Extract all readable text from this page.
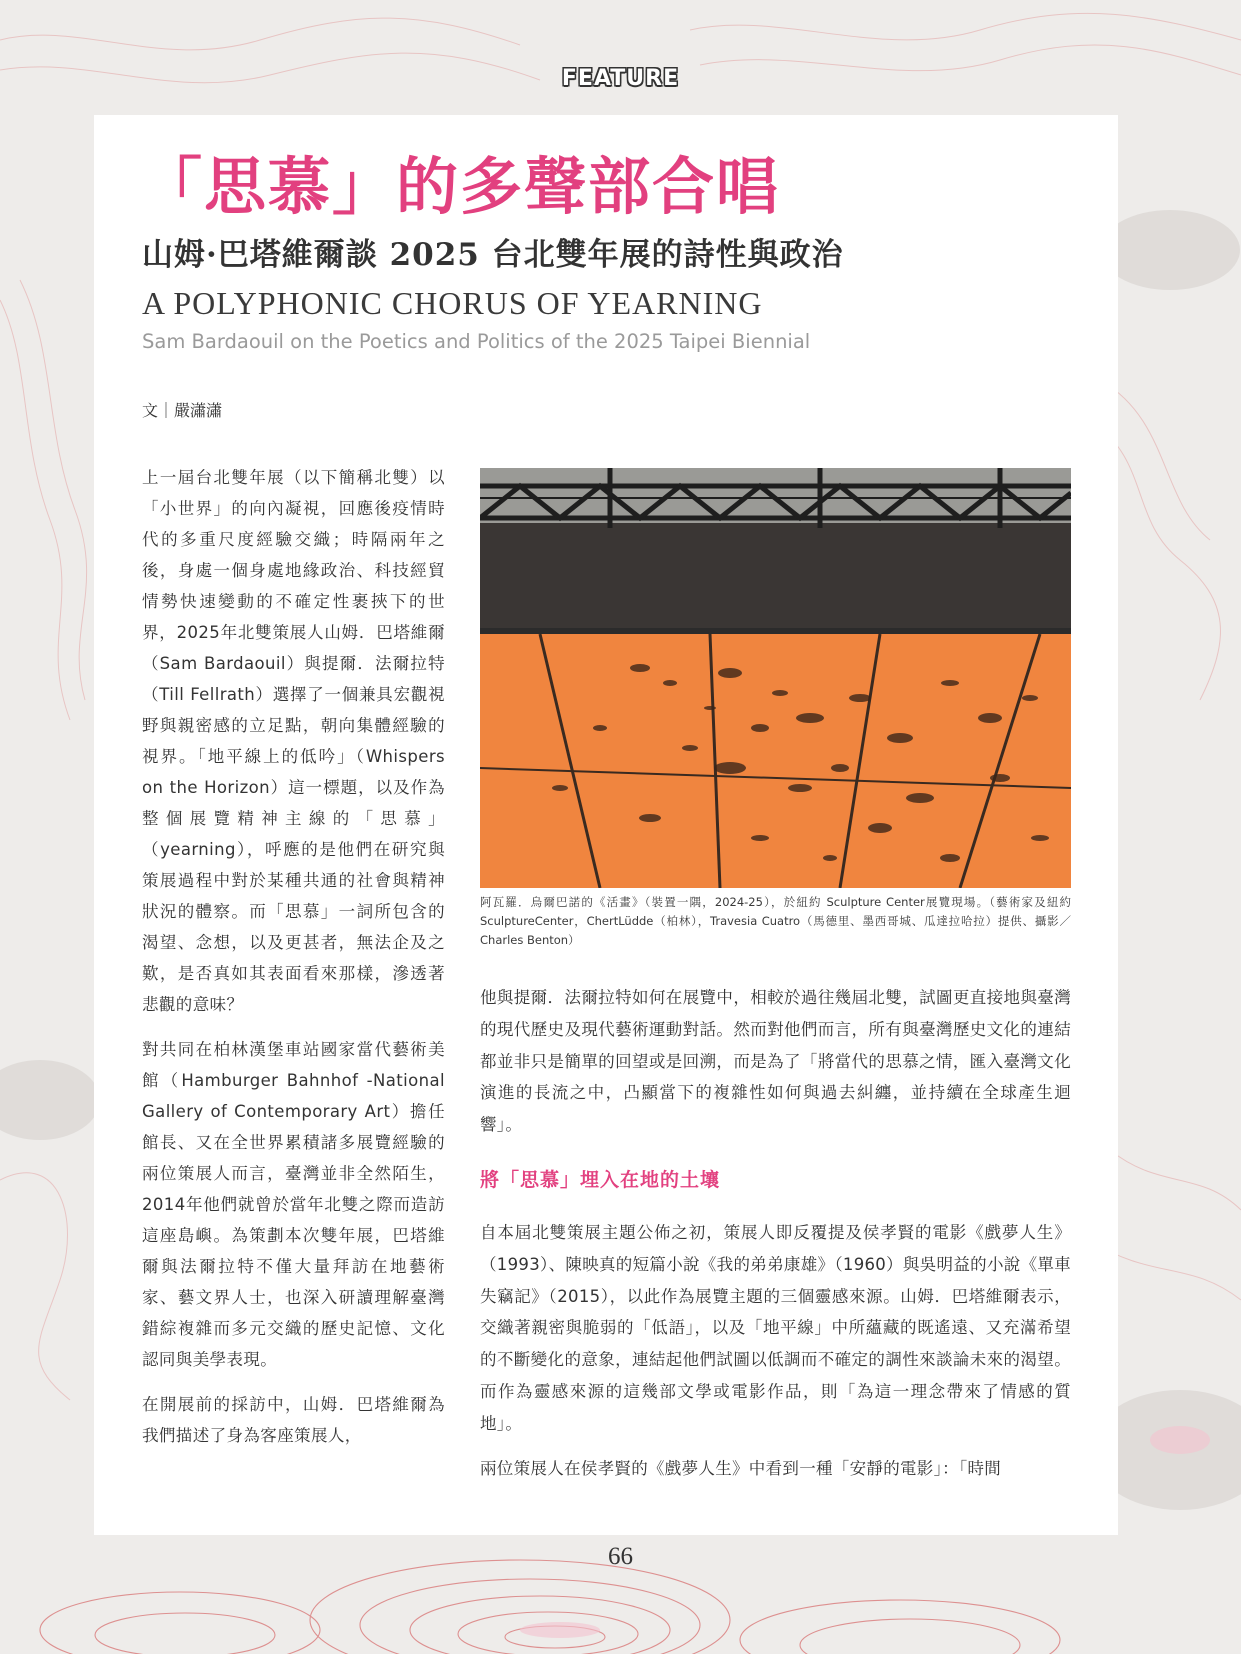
FEATURE
「思慕」的多聲部合唱
山姆·巴塔維爾談 2025 台北雙年展的詩性與政治
A POLYPHONIC CHORUS OF YEARNING
Sam Bardaouil on the Poetics and Politics of the 2025 Taipei Biennial
文｜嚴瀟瀟

上一屆台北雙年展（以下簡稱北雙）以「小世界」的向內凝視，回應後疫情時代的多重尺度經驗交織；時隔兩年之後，身處一個身處地緣政治、科技經貿情勢快速變動的不確定性裹挾下的世界，2025年北雙策展人山姆．巴塔維爾（Sam Bardaouil）與提爾．法爾拉特（Till Fellrath）選擇了一個兼具宏觀視野與親密感的立足點，朝向集體經驗的視界。「地平線上的低吟」（Whispers on the Horizon）這一標題，以及作為整個展覽精神主線的「思慕」（yearning），呼應的是他們在研究與策展過程中對於某種共通的社會與精神狀況的體察。而「思慕」一詞所包含的渴望、念想，以及更甚者，無法企及之歎，是否真如其表面看來那樣，滲透著悲觀的意味？

對共同在柏林漢堡車站國家當代藝術美館（Hamburger Bahnhof -National Gallery of Contemporary Art）擔任館長、又在全世界累積諸多展覽經驗的兩位策展人而言，臺灣並非全然陌生，2014年他們就曾於當年北雙之際而造訪這座島嶼。為策劃本次雙年展，巴塔維爾與法爾拉特不僅大量拜訪在地藝術家、藝文界人士，也深入研讀理解臺灣錯綜複雜而多元交織的歷史記憶、文化認同與美學表現。

在開展前的採訪中，山姆．巴塔維爾為我們描述了身為客座策展人，

阿瓦羅．烏爾巴諾的《活畫》（裝置一隅，2024-25），於紐約 Sculpture Center展覽現場。（藝術家及紐約 SculptureCenter，ChertLüdde（柏林），Travesia Cuatro（馬德里、墨西哥城、瓜達拉哈拉）提供、攝影／ Charles Benton）

他與提爾．法爾拉特如何在展覽中，相較於過往幾屆北雙，試圖更直接地與臺灣的現代歷史及現代藝術運動對話。然而對他們而言，所有與臺灣歷史文化的連結都並非只是簡單的回望或是回溯，而是為了「將當代的思慕之情，匯入臺灣文化演進的長流之中，凸顯當下的複雜性如何與過去糾纏，並持續在全球產生迴響」。

將「思慕」埋入在地的土壤

自本屆北雙策展主題公佈之初，策展人即反覆提及侯孝賢的電影《戲夢人生》（1993）、陳映真的短篇小說《我的弟弟康雄》（1960）與吳明益的小說《單車失竊記》（2015），以此作為展覽主題的三個靈感來源。山姆．巴塔維爾表示，交織著親密與脆弱的「低語」，以及「地平線」中所蘊藏的既遙遠、又充滿希望的不斷變化的意象，連結起他們試圖以低調而不確定的調性來談論未來的渴望。而作為靈感來源的這幾部文學或電影作品，則「為這一理念帶來了情感的質地」。

兩位策展人在侯孝賢的《戲夢人生》中看到一種「安靜的電影」：「時間

66
